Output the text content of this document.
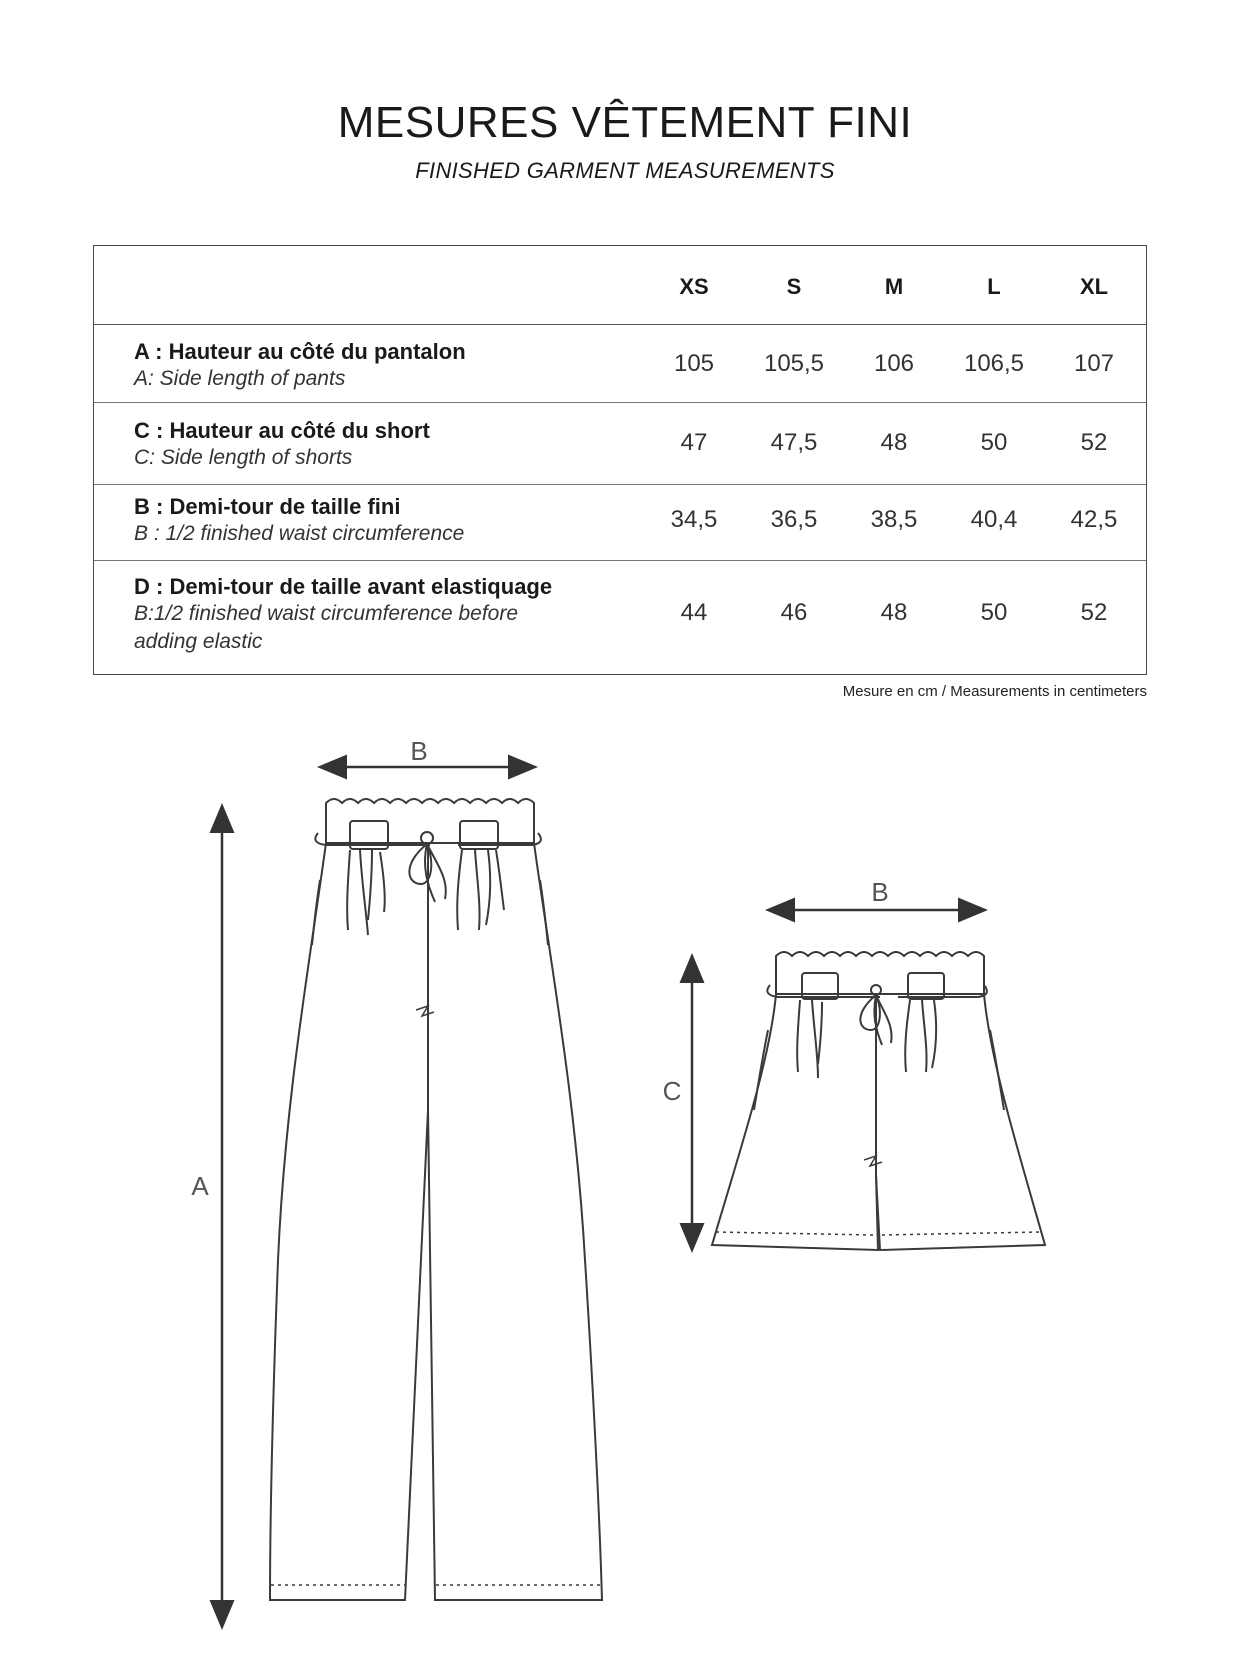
MESURES VÊTEMENT FINI
FINISHED GARMENT MEASUREMENTS
XS	S	M	L	XL
A : Hauteur au côté du pantalon
A: Side length of pants
105	105,5	106	106,5	107
C : Hauteur au côté du short
C: Side length of shorts
47	47,5	48	50	52
B : Demi-tour de taille fini
B : 1/2 finished waist circumference
34,5	36,5	38,5	40,4	42,5
D : Demi-tour de taille avant elastiquage
B:1/2 finished waist circumference before adding elastic
44	46	48	50	52
Mesure en cm / Measurements in centimeters
B
A
B
C
